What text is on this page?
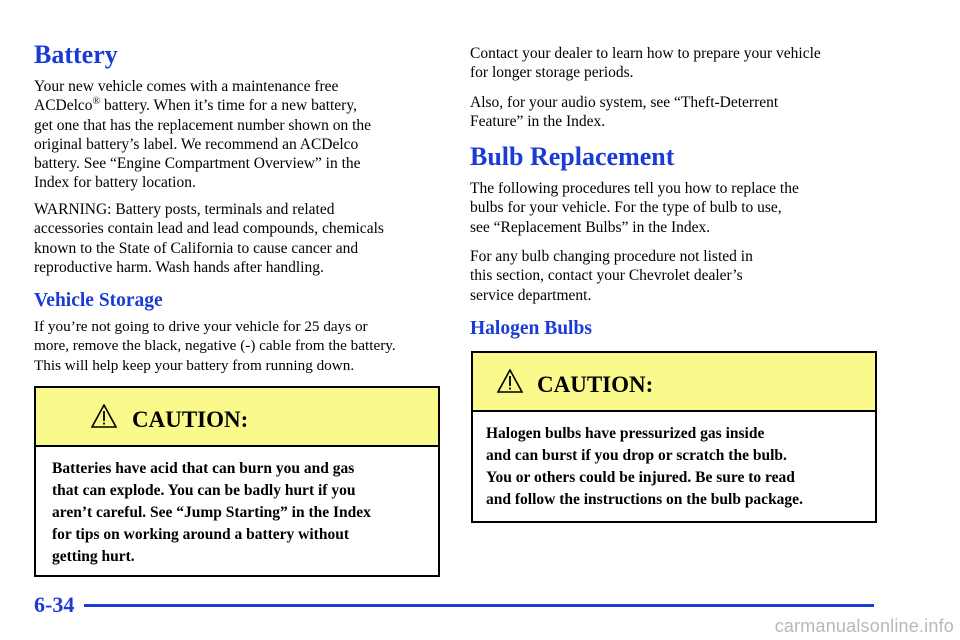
Battery

Your new vehicle comes with a maintenance free
ACDelco® battery. When it’s time for a new battery,
get one that has the replacement number shown on the
original battery’s label. We recommend an ACDelco
battery. See “Engine Compartment Overview” in the
Index for battery location.

WARNING: Battery posts, terminals and related
accessories contain lead and lead compounds, chemicals
known to the State of California to cause cancer and
reproductive harm. Wash hands after handling.

Vehicle Storage

If you’re not going to drive your vehicle for 25 days or
more, remove the black, negative (-) cable from the battery.
This will help keep your battery from running down.

CAUTION:
Batteries have acid that can burn you and gas
that can explode. You can be badly hurt if you
aren’t careful. See “Jump Starting” in the Index
for tips on working around a battery without
getting hurt.

Contact your dealer to learn how to prepare your vehicle
for longer storage periods.

Also, for your audio system, see “Theft-Deterrent
Feature” in the Index.

Bulb Replacement

The following procedures tell you how to replace the
bulbs for your vehicle. For the type of bulb to use,
see “Replacement Bulbs” in the Index.

For any bulb changing procedure not listed in
this section, contact your Chevrolet dealer’s
service department.

Halogen Bulbs
CAUTION:
Halogen bulbs have pressurized gas inside
and can burst if you drop or scratch the bulb.
You or others could be injured. Be sure to read
and follow the instructions on the bulb package.
6-34
carmanualsonline.info
